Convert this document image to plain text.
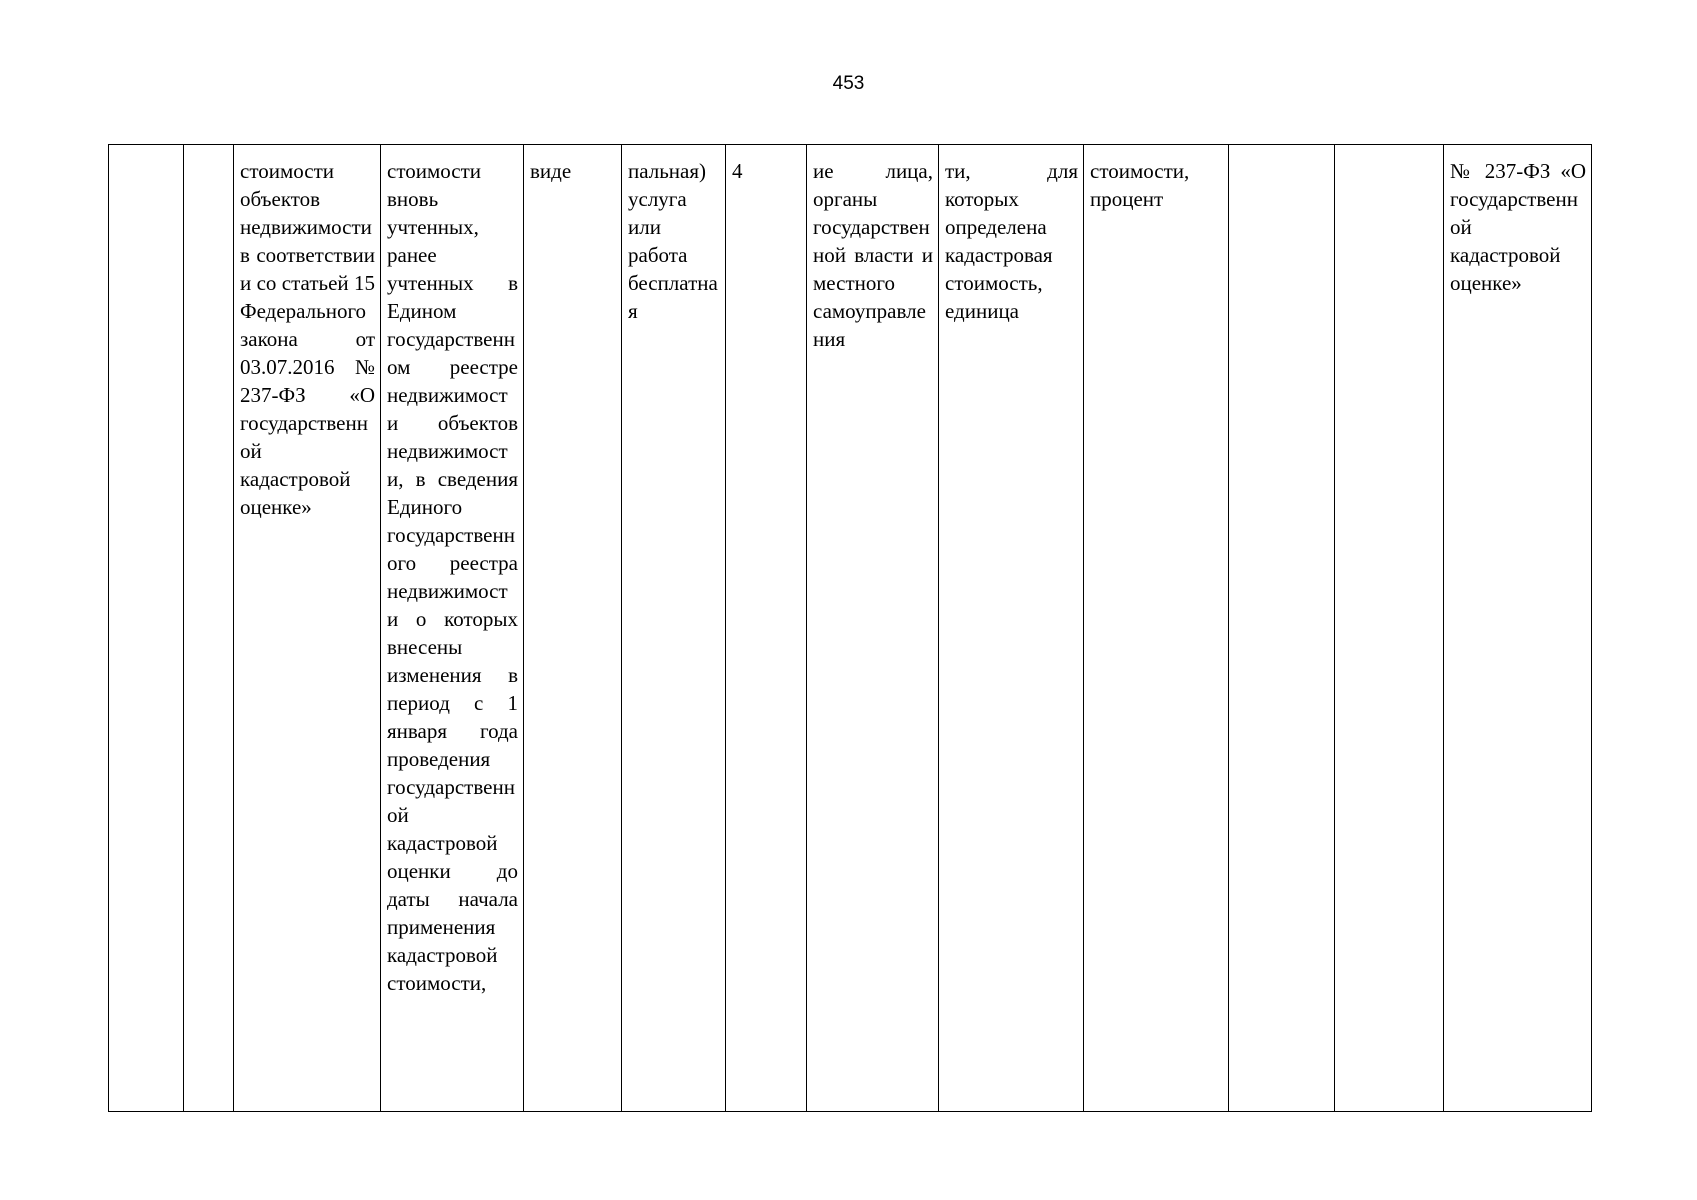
453
		стоимости объектов недвижимости в соответствии и со статьей 15 Федерального закона от 03.07.2016 № 237-ФЗ «О государственной кадастровой оценке»	стоимости вновь учтенных, ранее учтенных в Едином государственном реестре недвижимости объектов недвижимости, в сведения Единого государственного реестра недвижимости о которых внесены изменения в период с 1 января года проведения государственной кадастровой оценки до даты начала применения кадастровой стоимости,	виде	пальная) услуга или работа бесплатная	4	ие лица, органы государственной власти и местного самоуправления	ти, для которых определена кадастровая стоимость, единица	стоимости, процент			№ 237-ФЗ «О государственной кадастровой оценке»
